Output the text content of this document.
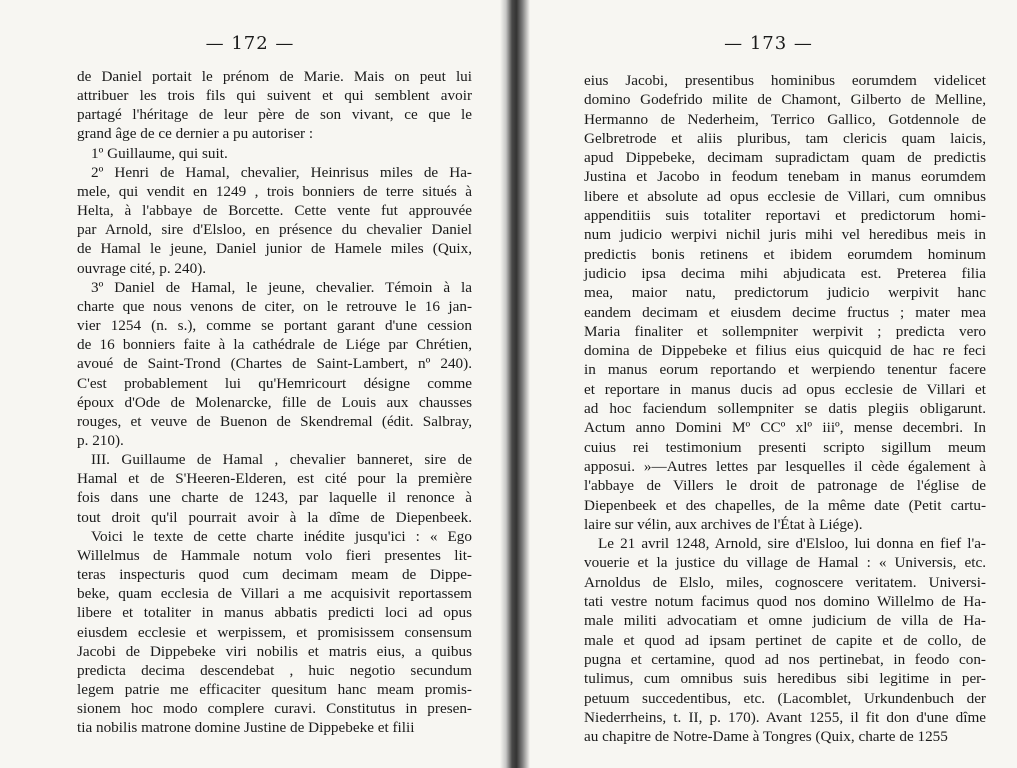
— 172 —
de Daniel portait le prénom de Marie. Mais on peut lui
attribuer les trois fils qui suivent et qui semblent avoir
partagé l'héritage de leur père de son vivant, ce que le
grand âge de ce dernier a pu autoriser :
1º Guillaume, qui suit.
2º Henri de Hamal, chevalier, Heinrisus miles de Ha-
mele, qui vendit en 1249 , trois bonniers de terre situés à
Helta, à l'abbaye de Borcette. Cette vente fut approuvée
par Arnold, sire d'Elsloo, en présence du chevalier Daniel
de Hamal le jeune, Daniel junior de Hamele miles (Quix,
ouvrage cité, p. 240).
3º Daniel de Hamal, le jeune, chevalier. Témoin à la
charte que nous venons de citer, on le retrouve le 16 jan-
vier 1254 (n. s.), comme se portant garant d'une cession
de 16 bonniers faite à la cathédrale de Liége par Chrétien,
avoué de Saint-Trond (Chartes de Saint-Lambert, nº 240).
C'est probablement lui qu'Hemricourt désigne comme
époux d'Ode de Molenarcke, fille de Louis aux chausses
rouges, et veuve de Buenon de Skendremal (édit. Salbray,
p. 210).
III. Guillaume de Hamal , chevalier banneret, sire de
Hamal et de S'Heeren-Elderen, est cité pour la première
fois dans une charte de 1243, par laquelle il renonce à
tout droit qu'il pourrait avoir à la dîme de Diepenbeek.
Voici le texte de cette charte inédite jusqu'ici : « Ego
Willelmus de Hammale notum volo fieri presentes lit-
teras inspecturis quod cum decimam meam de Dippe-
beke, quam ecclesia de Villari a me acquisivit reportassem
libere et totaliter in manus abbatis predicti loci ad opus
eiusdem ecclesie et werpissem, et promisissem consensum
Jacobi de Dippebeke viri nobilis et matris eius, a quibus
predicta decima descendebat , huic negotio secundum
legem patrie me efficaciter quesitum hanc meam promis-
sionem hoc modo complere curavi. Constitutus in presen-
tia nobilis matrone domine Justine de Dippebeke et filii
— 173 —
eius Jacobi, presentibus hominibus eorumdem videlicet
domino Godefrido milite de Chamont, Gilberto de Melline,
Hermanno de Nederheim, Terrico Gallico, Gotdennole de
Gelbretrode et aliis pluribus, tam clericis quam laicis,
apud Dippebeke, decimam supradictam quam de predictis
Justina et Jacobo in feodum tenebam in manus eorumdem
libere et absolute ad opus ecclesie de Villari, cum omnibus
appenditiis suis totaliter reportavi et predictorum homi-
num judicio werpivi nichil juris mihi vel heredibus meis in
predictis bonis retinens et ibidem eorumdem hominum
judicio ipsa decima mihi abjudicata est. Preterea filia
mea, maior natu, predictorum judicio werpivit hanc
eandem decimam et eiusdem decime fructus ; mater mea
Maria finaliter et sollempniter werpivit ; predicta vero
domina de Dippebeke et filius eius quicquid de hac re feci
in manus eorum reportando et werpiendo tenentur facere
et reportare in manus ducis ad opus ecclesie de Villari et
ad hoc faciendum sollempniter se datis plegiis obligarunt.
Actum anno Domini Mº CCº xlº iiiº, mense decembri. In
cuius rei testimonium presenti scripto sigillum meum
apposui. »—Autres lettes par lesquelles il cède également à
l'abbaye de Villers le droit de patronage de l'église de
Diepenbeek et des chapelles, de la même date (Petit cartu-
laire sur vélin, aux archives de l'État à Liége).
Le 21 avril 1248, Arnold, sire d'Elsloo, lui donna en fief l'a-
vouerie et la justice du village de Hamal : « Universis, etc.
Arnoldus de Elslo, miles, cognoscere veritatem. Universi-
tati vestre notum facimus quod nos domino Willelmo de Ha-
male militi advocatiam et omne judicium de villa de Ha-
male et quod ad ipsam pertinet de capite et de collo, de
pugna et certamine, quod ad nos pertinebat, in feodo con-
tulimus, cum omnibus suis heredibus sibi legitime in per-
petuum succedentibus, etc. (Lacomblet, Urkundenbuch der
Niederrheins, t. II, p. 170). Avant 1255, il fit don d'une dîme
au chapitre de Notre-Dame à Tongres (Quix, charte de 1255
